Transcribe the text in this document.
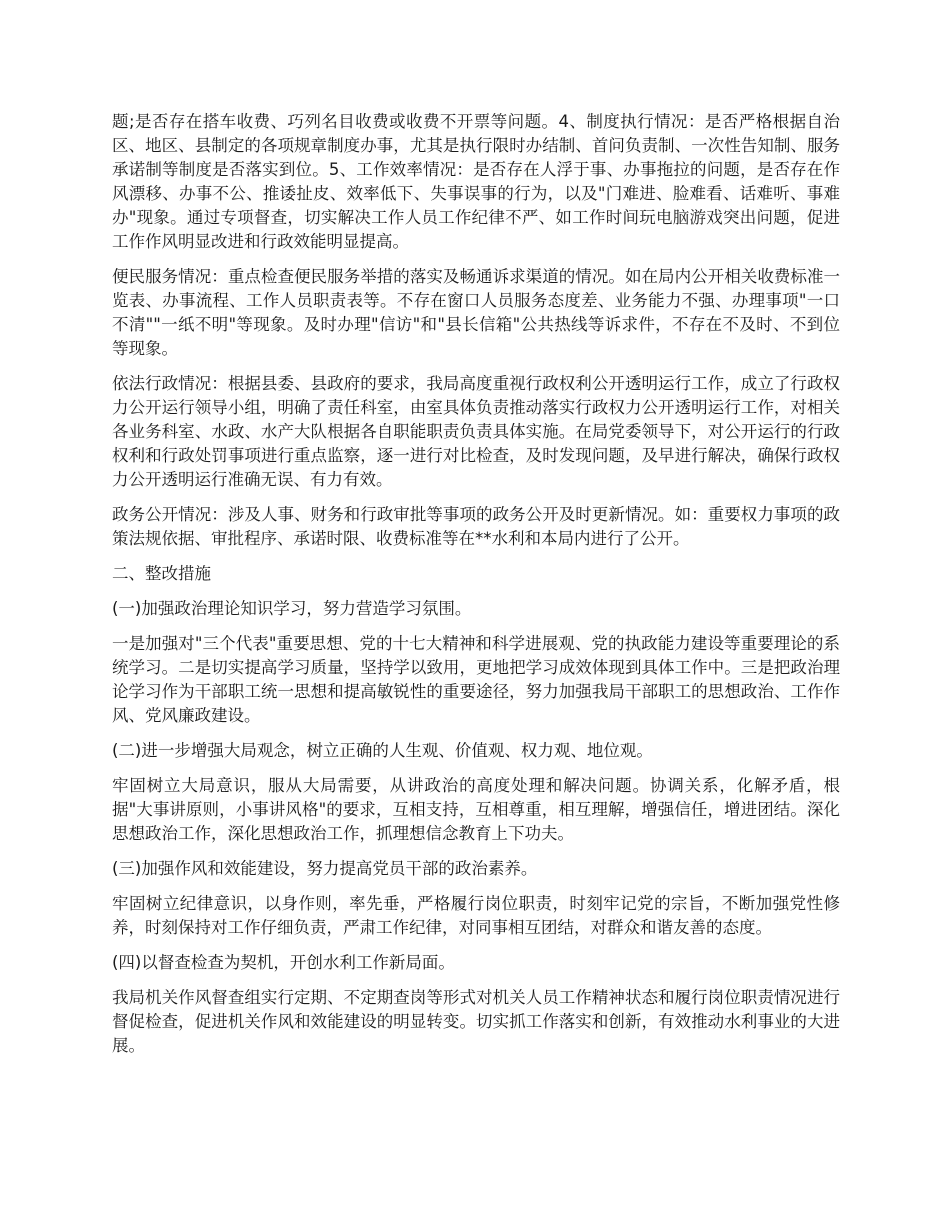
题;是否存在搭车收费、巧列名目收费或收费不开票等问题。4、制度执行情况：是否严格根据自治区、地区、县制定的各项规章制度办事，尤其是执行限时办结制、首问负责制、一次性告知制、服务承诺制等制度是否落实到位。5、工作效率情况：是否存在人浮于事、办事拖拉的问题，是否存在作风漂移、办事不公、推诿扯皮、效率低下、失事误事的行为，以及"门难进、脸难看、话难听、事难办"现象。通过专项督查，切实解决工作人员工作纪律不严、如工作时间玩电脑游戏突出问题，促进工作作风明显改进和行政效能明显提高。

便民服务情况：重点检查便民服务举措的落实及畅通诉求渠道的情况。如在局内公开相关收费标准一览表、办事流程、工作人员职责表等。不存在窗口人员服务态度差、业务能力不强、办理事项"一口不清""一纸不明"等现象。及时办理"信访"和"县长信箱"公共热线等诉求件，不存在不及时、不到位等现象。

依法行政情况：根据县委、县政府的要求，我局高度重视行政权利公开透明运行工作，成立了行政权力公开运行领导小组，明确了责任科室，由室具体负责推动落实行政权力公开透明运行工作，对相关各业务科室、水政、水产大队根据各自职能职责负责具体实施。在局党委领导下，对公开运行的行政权利和行政处罚事项进行重点监察，逐一进行对比检查，及时发现问题，及早进行解决，确保行政权力公开透明运行准确无误、有力有效。

政务公开情况：涉及人事、财务和行政审批等事项的政务公开及时更新情况。如：重要权力事项的政策法规依据、审批程序、承诺时限、收费标准等在**水利和本局内进行了公开。

二、整改措施

(一)加强政治理论知识学习，努力营造学习氛围。

一是加强对"三个代表"重要思想、党的十七大精神和科学进展观、党的执政能力建设等重要理论的系统学习。二是切实提高学习质量，坚持学以致用，更地把学习成效体现到具体工作中。三是把政治理论学习作为干部职工统一思想和提高敏锐性的重要途径，努力加强我局干部职工的思想政治、工作作风、党风廉政建设。

(二)进一步增强大局观念，树立正确的人生观、价值观、权力观、地位观。

牢固树立大局意识，服从大局需要，从讲政治的高度处理和解决问题。协调关系，化解矛盾，根据"大事讲原则，小事讲风格"的要求，互相支持，互相尊重，相互理解，增强信任，增进团结。深化思想政治工作，深化思想政治工作，抓理想信念教育上下功夫。

(三)加强作风和效能建设，努力提高党员干部的政治素养。

牢固树立纪律意识，以身作则，率先垂，严格履行岗位职责，时刻牢记党的宗旨，不断加强党性修养，时刻保持对工作仔细负责，严肃工作纪律，对同事相互团结，对群众和谐友善的态度。

(四)以督查检查为契机，开创水利工作新局面。

我局机关作风督查组实行定期、不定期查岗等形式对机关人员工作精神状态和履行岗位职责情况进行督促检查，促进机关作风和效能建设的明显转变。切实抓工作落实和创新，有效推动水利事业的大进展。
